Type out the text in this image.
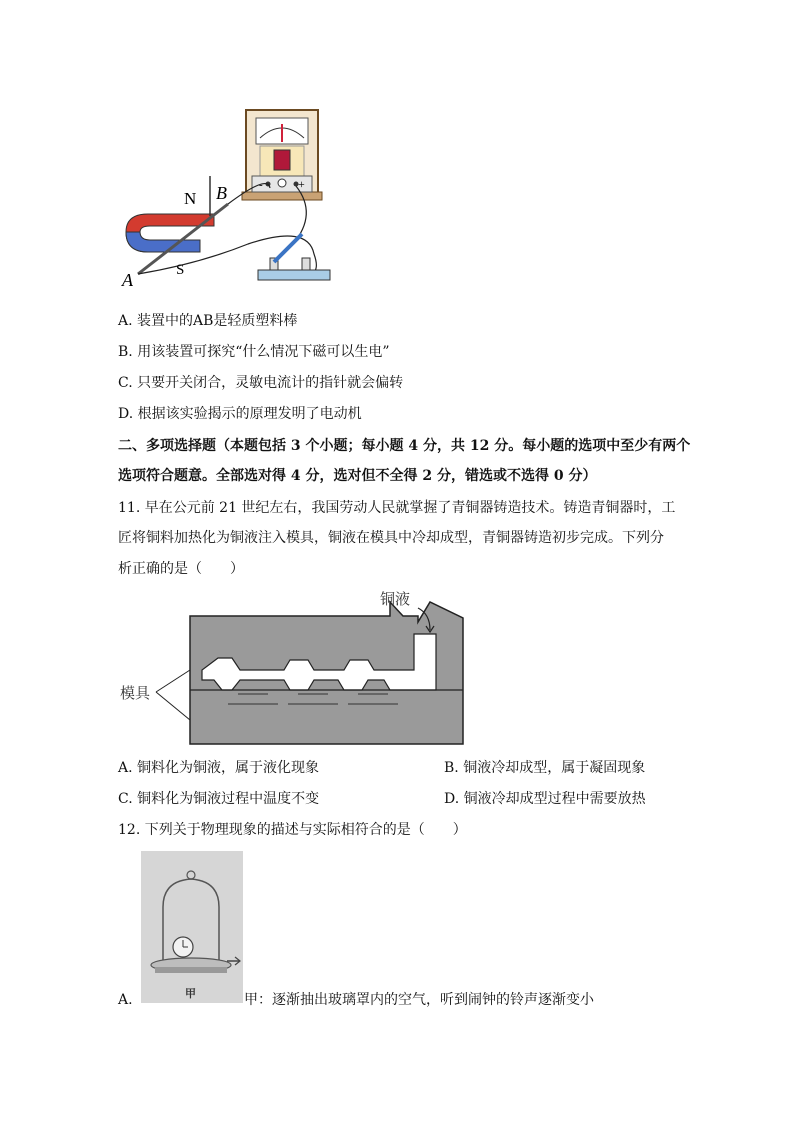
-	+
N B
A	S
A. 装置中的AB是轻质塑料棒
B. 用该装置可探究“什么情况下磁可以生电”
C. 只要开关闭合，灵敏电流计的指针就会偏转
D. 根据该实验揭示的原理发明了电动机
二、多项选择题（本题包括 3 个小题；每小题 4 分，共 12 分。每小题的选项中至少有两个
选项符合题意。全部选对得 4 分，选对但不全得 2 分，错选或不选得 0 分）
11. 早在公元前 21 世纪左右，我国劳动人民就掌握了青铜器铸造技术。铸造青铜器时，工
匠将铜料加热化为铜液注入模具，铜液在模具中冷却成型，青铜器铸造初步完成。下列分
析正确的是（　　）
铜液
模具
A. 铜料化为铜液，属于液化现象	B. 铜液冷却成型，属于凝固现象
C. 铜料化为铜液过程中温度不变	D. 铜液冷却成型过程中需要放热
12. 下列关于物理现象的描述与实际相符合的是（　　）
甲
A.	甲：逐渐抽出玻璃罩内的空气，听到闹钟的铃声逐渐变小
